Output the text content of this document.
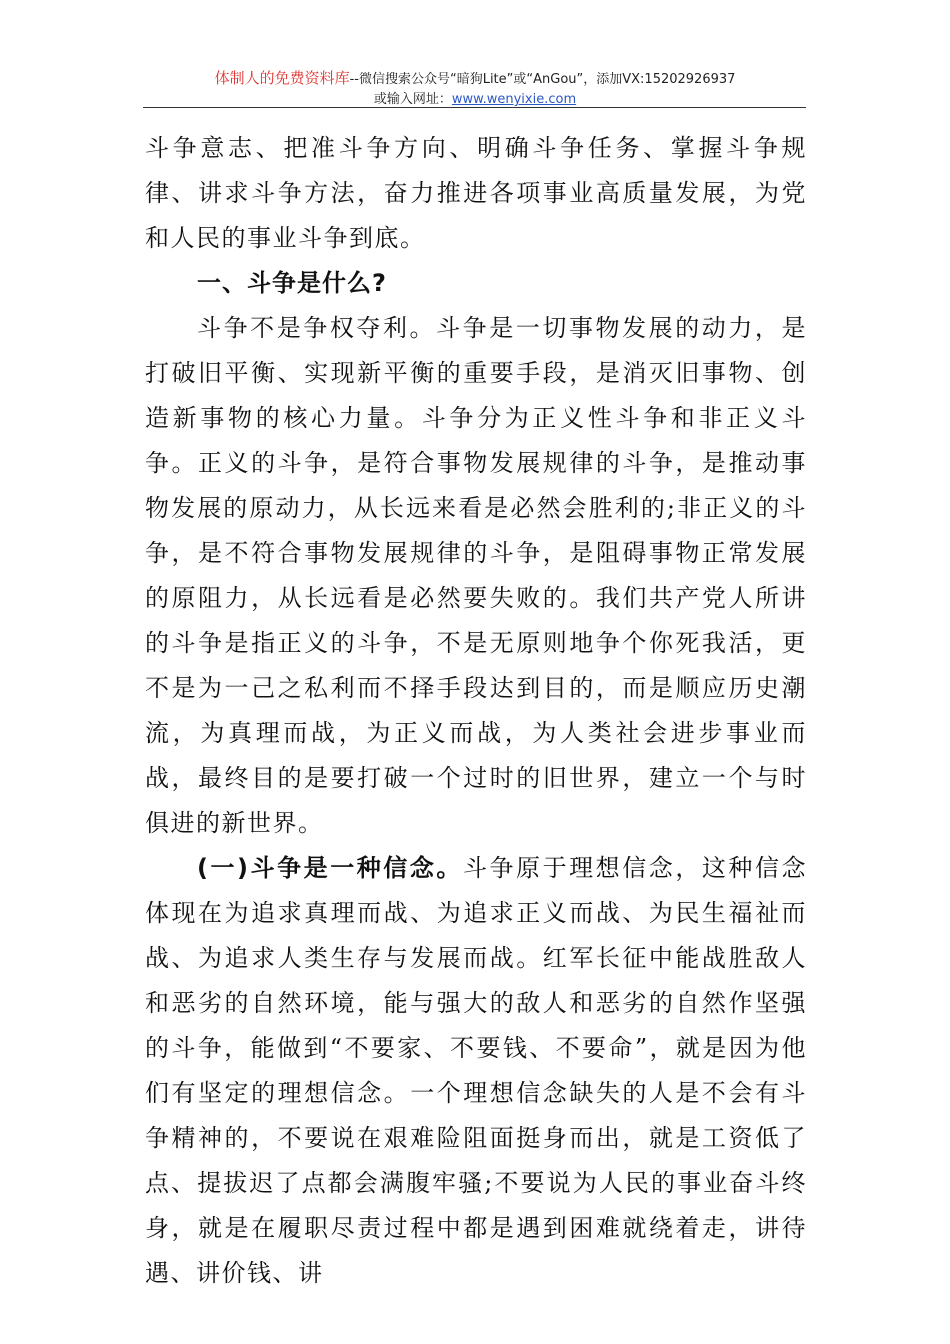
体制人的免费资料库--微信搜索公众号“暗狗Lite”或“AnGou”，添加VX:15202926937
或输入网址：www.wenyixie.com

斗争意志、把准斗争方向、明确斗争任务、掌握斗争规律、讲求斗争方法，奋力推进各项事业高质量发展，为党和人民的事业斗争到底。

一、斗争是什么?

斗争不是争权夺利。斗争是一切事物发展的动力，是打破旧平衡、实现新平衡的重要手段，是消灭旧事物、创造新事物的核心力量。斗争分为正义性斗争和非正义斗争。正义的斗争，是符合事物发展规律的斗争，是推动事物发展的原动力，从长远来看是必然会胜利的;非正义的斗争，是不符合事物发展规律的斗争，是阻碍事物正常发展的原阻力，从长远看是必然要失败的。我们共产党人所讲的斗争是指正义的斗争，不是无原则地争个你死我活，更不是为一己之私利而不择手段达到目的，而是顺应历史潮流，为真理而战，为正义而战，为人类社会进步事业而战，最终目的是要打破一个过时的旧世界，建立一个与时俱进的新世界。

(一)斗争是一种信念。斗争原于理想信念，这种信念体现在为追求真理而战、为追求正义而战、为民生福祉而战、为追求人类生存与发展而战。红军长征中能战胜敌人和恶劣的自然环境，能与强大的敌人和恶劣的自然作坚强的斗争，能做到“不要家、不要钱、不要命”，就是因为他们有坚定的理想信念。一个理想信念缺失的人是不会有斗争精神的，不要说在艰难险阻面挺身而出，就是工资低了点、提拔迟了点都会满腹牢骚;不要说为人民的事业奋斗终身，就是在履职尽责过程中都是遇到困难就绕着走，讲待遇、讲价钱、讲
